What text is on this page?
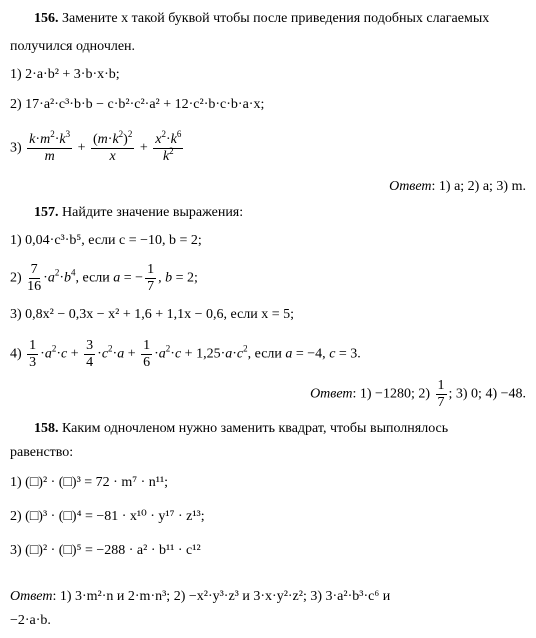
156. Замените x такой буквой чтобы после приведения подобных слагаемых
получился одночлен.
1) 2·a·b² + 3·b·x·b;
2) 17·a²·c³·b·b − c·b²·c²·a² + 12·c²·b·c·b·a·x;
$3) \frac{k\cdot m^2\cdot k^3}{m} + \frac{(m\cdot k^2)^2}{x} + \frac{x^2\cdot k^6}{k^2}$
Ответ: 1) a; 2) a; 3) m.
157. Найдите значение выражения:
1) 0,04·c³·b⁵, если c = −10, b = 2;
$2) \frac{7}{16} \cdot a^2\cdot b^4$, если a = − $\frac{1}{7}$ , b = 2;
3) 0,8x² − 0,3x − x² + 1,6 + 1,1x − 0,6, если x = 5;
$4) \frac{1}{3} \cdot a^2\cdot c + \frac{3}{4} \cdot c^2\cdot a + \frac{1}{6} \cdot a^2\cdot c + 1,25\cdot a\cdot c^2$, если a = −4, c = 3.
Ответ: 1) −1280; $2) \frac{1}{7}$ ; 3) 0; 4) −48.
158. Каким одночленом нужно заменить квадрат, чтобы выполнялось
равенство:
1) (□)² · (□)³ = 72 · m⁷ · n¹¹;
2) (□)³ · (□)⁴ = −81 · x¹⁰ · y¹⁷ · z¹³;
3) (□)² · (□)⁵ = −288 · a² · b¹¹ · c¹²
Ответ: 1) 3·m²·n и 2·m·n³; 2) −x²·y³·z³ и 3·x·y²·z²; 3) 3·a²·b³·c⁶ и
−2·a·b.
